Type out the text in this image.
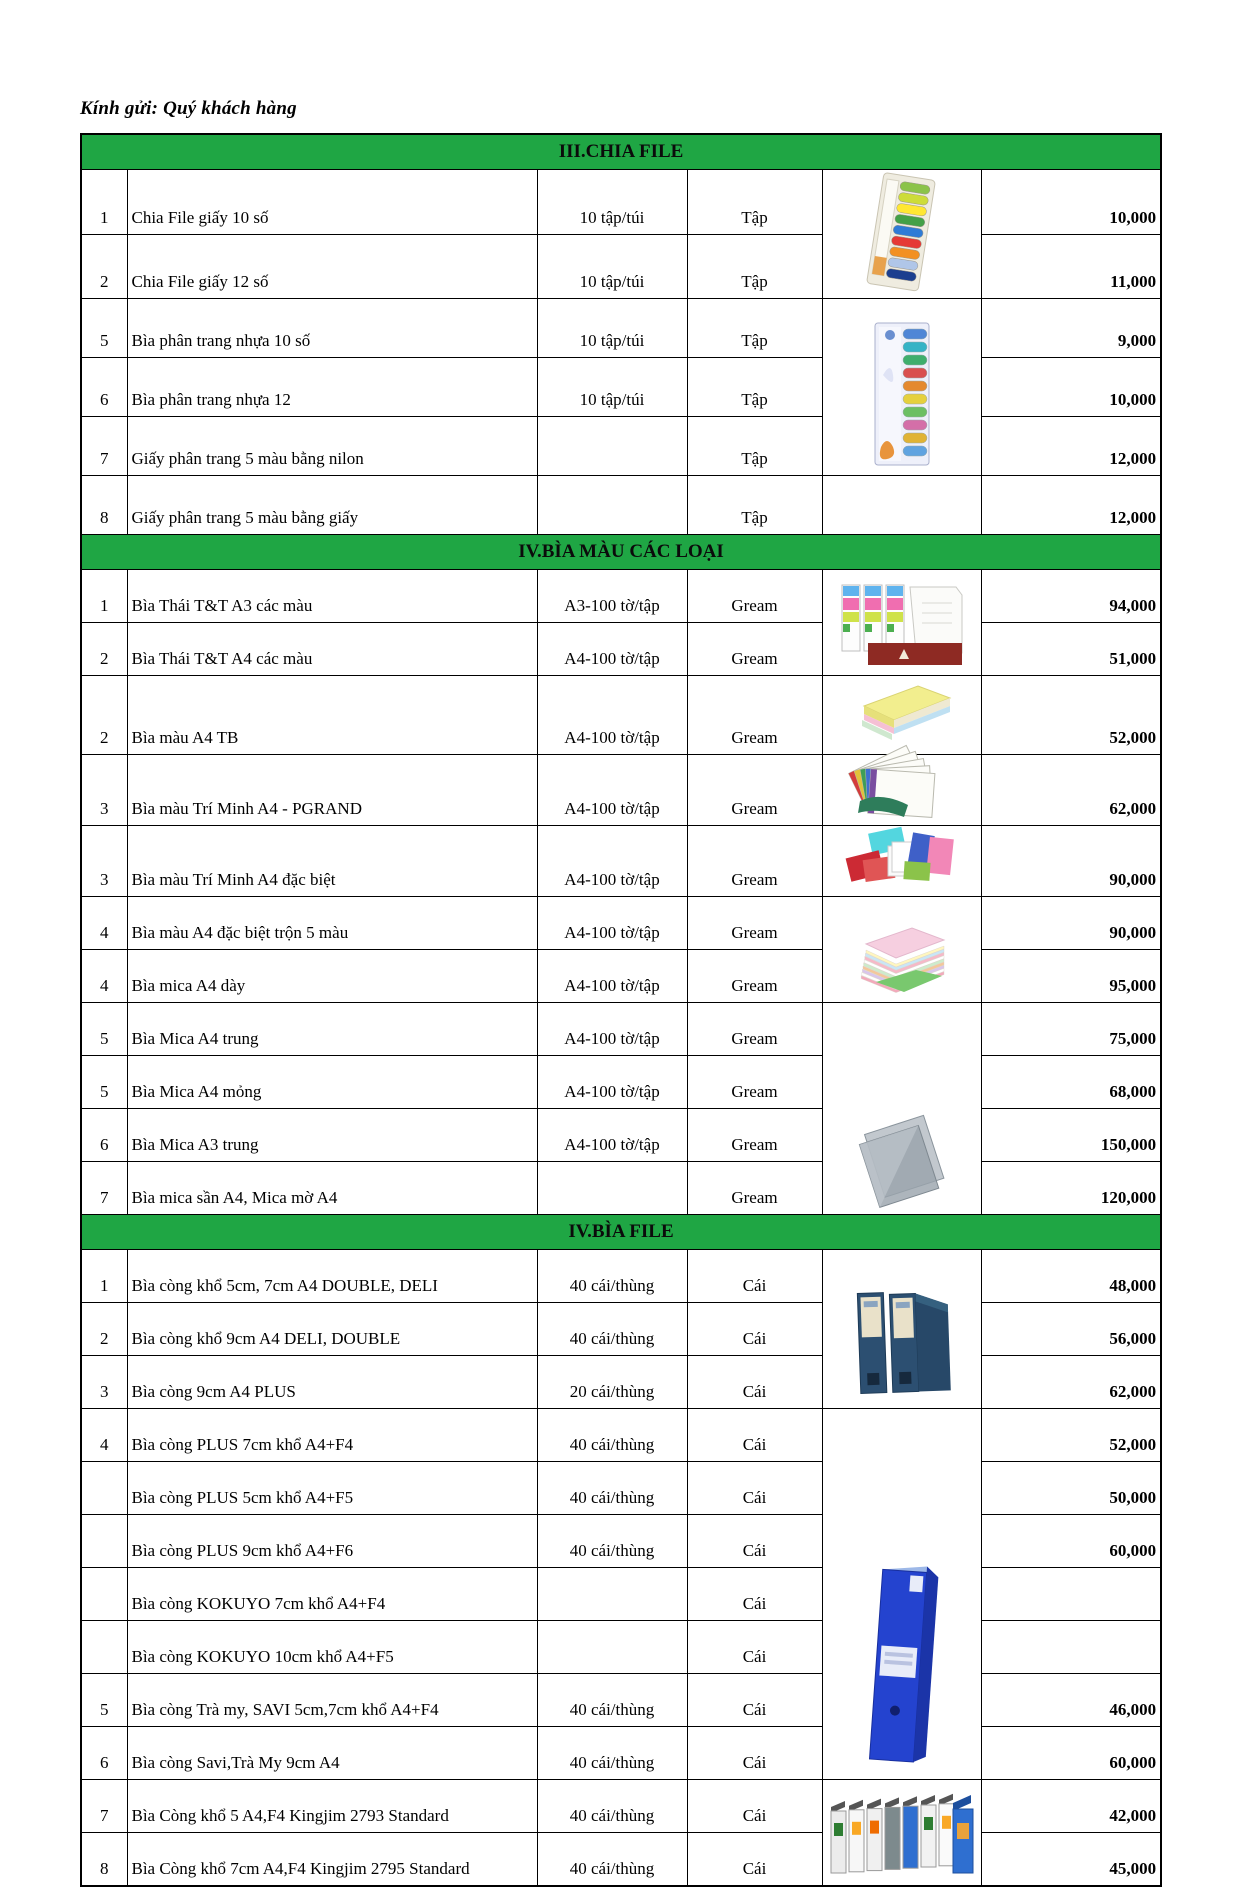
Kính gửi: Quý khách hàng
III.CHIA FILE					
1	Chia File giấy 10 số	10 tập/túi	Tập		10,000
2	Chia File giấy 12 số	10 tập/túi	Tập		11,000
5	Bìa phân trang nhựa 10 số	10 tập/túi	Tập		9,000
6	Bìa phân trang nhựa 12	10 tập/túi	Tập		10,000
7	Giấy phân trang 5 màu bằng nilon		Tập		12,000
8	Giấy phân trang 5 màu bằng giấy		Tập		12,000
IV.BÌA MÀU CÁC LOẠI					
1	Bìa Thái T&T A3 các màu	A3-100 tờ/tập	Gream		94,000
2	Bìa Thái T&T A4 các màu	A4-100 tờ/tập	Gream		51,000
2	Bìa màu A4 TB	A4-100 tờ/tập	Gream		52,000
3	Bìa màu Trí Minh A4 - PGRAND	A4-100 tờ/tập	Gream		62,000
3	Bìa màu Trí Minh A4 đặc biệt	A4-100 tờ/tập	Gream		90,000
4	Bìa màu A4 đặc biệt trộn 5 màu	A4-100 tờ/tập	Gream		90,000
4	Bìa mica A4 dày	A4-100 tờ/tập	Gream		95,000
5	Bìa Mica A4 trung	A4-100 tờ/tập	Gream		75,000
5	Bìa Mica A4 mỏng	A4-100 tờ/tập	Gream		68,000
6	Bìa Mica A3 trung	A4-100 tờ/tập	Gream		150,000
7	Bìa mica sần A4, Mica mờ A4		Gream		120,000
IV.BÌA FILE					
1	Bìa còng khổ 5cm, 7cm A4 DOUBLE, DELI	40 cái/thùng	Cái		48,000
2	Bìa còng khổ 9cm A4 DELI, DOUBLE	40 cái/thùng	Cái		56,000
3	Bìa còng 9cm A4 PLUS	20 cái/thùng	Cái		62,000
4	Bìa còng PLUS 7cm khổ A4+F4	40 cái/thùng	Cái		52,000
	Bìa còng PLUS 5cm khổ A4+F5	40 cái/thùng	Cái		50,000
	Bìa còng PLUS 9cm khổ A4+F6	40 cái/thùng	Cái		60,000
	Bìa còng KOKUYO 7cm khổ A4+F4		Cái		
	Bìa còng KOKUYO 10cm khổ A4+F5		Cái		
5	Bìa còng Trà my, SAVI 5cm,7cm khổ A4+F4	40 cái/thùng	Cái		46,000
6	Bìa còng Savi,Trà My 9cm A4	40 cái/thùng	Cái		60,000
7	Bìa Còng khổ 5 A4,F4 Kingjim 2793 Standard	40 cái/thùng	Cái		42,000
8	Bìa Còng khổ 7cm A4,F4 Kingjim 2795 Standard	40 cái/thùng	Cái		45,000
